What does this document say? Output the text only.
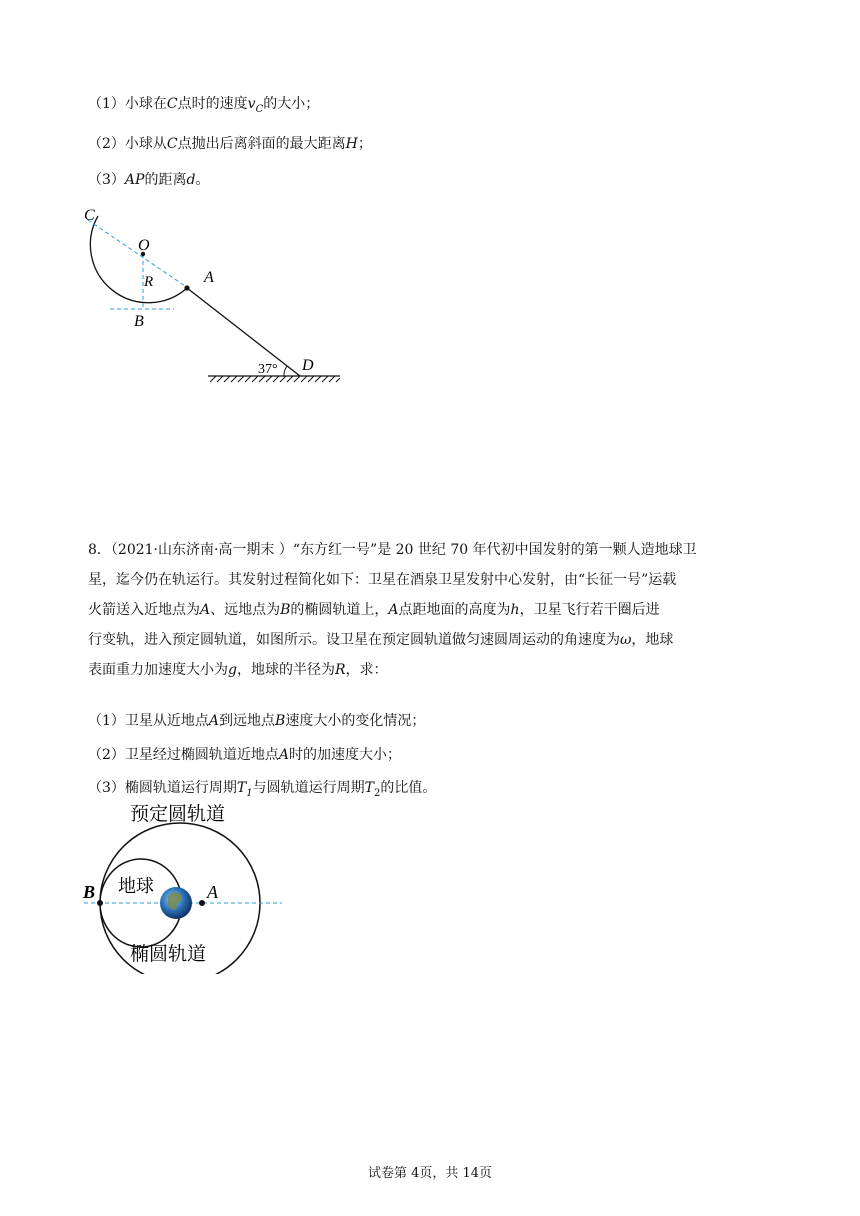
（1）小球在C点时的速度$v_C$的大小；
（2）小球从C点抛出后离斜面的最大距离H；
（3）AP的距离d。
C
O
R
B
A
D
37°
8．（2021·山东济南·高一期末 ）“东方红一号”是 20 世纪 70 年代初中国发射的第一颗人造地球卫
星，迄今仍在轨运行。其发射过程简化如下：卫星在酒泉卫星发射中心发射，由“长征一号”运载
火箭送入近地点为A、远地点为B的椭圆轨道上，A点距地面的高度为h，卫星飞行若干圈后进
行变轨，进入预定圆轨道，如图所示。设卫星在预定圆轨道做匀速圆周运动的角速度为ω，地球
表面重力加速度大小为g，地球的半径为R，求：
（1）卫星从近地点A到远地点B速度大小的变化情况；
（2）卫星经过椭圆轨道近地点A时的加速度大小；
（3）椭圆轨道运行周期$T_1$与圆轨道运行周期$T_2$的比值。
预定圆轨道
B	A
地球
椭圆轨道
试卷第 4页，共 14页
